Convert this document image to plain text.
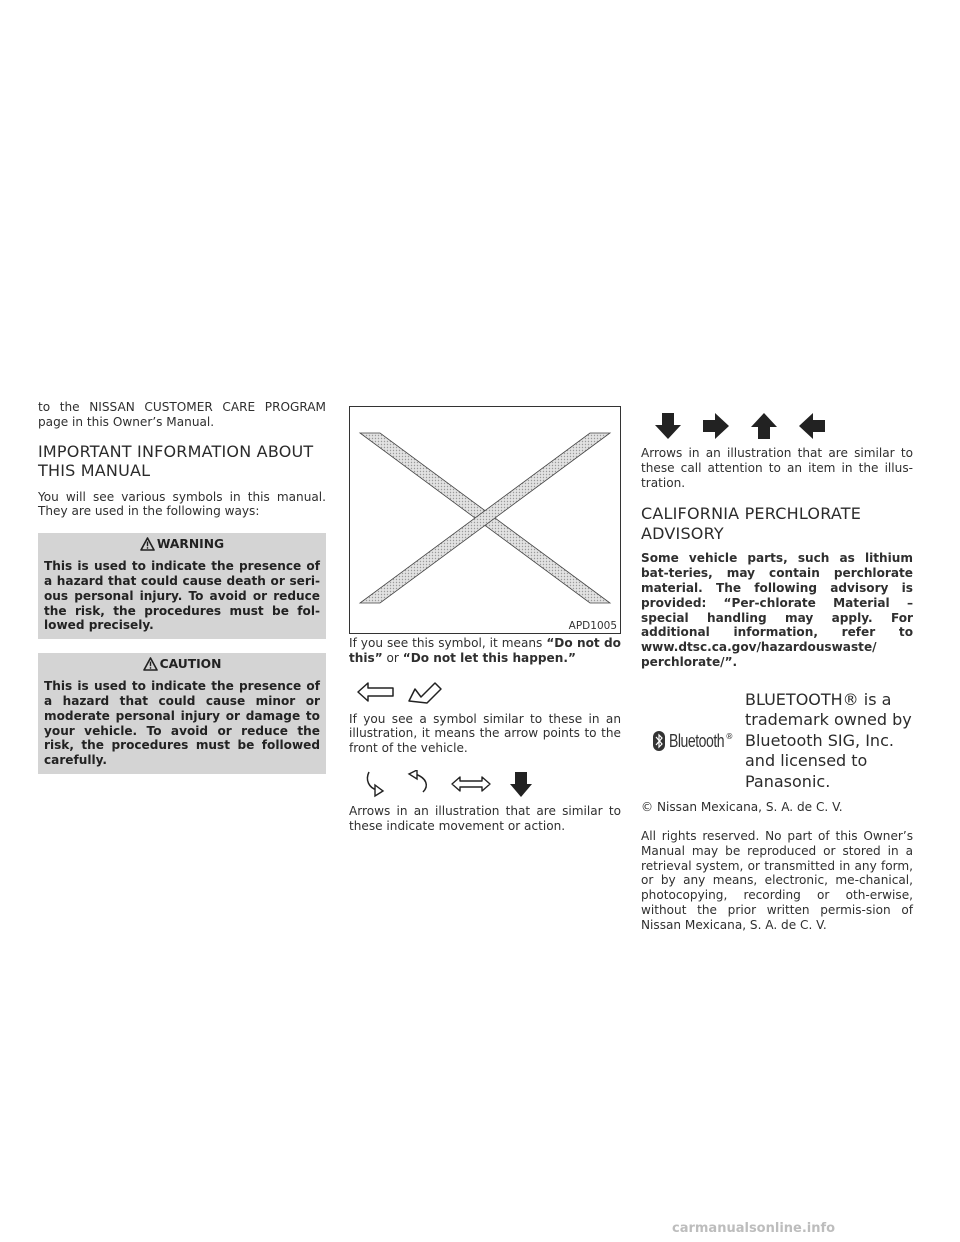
to the NISSAN CUSTOMER CARE PROGRAM page in this Owner’s Manual.

IMPORTANT INFORMATION ABOUT THIS MANUAL

You will see various symbols in this manual. They are used in the following ways:

WARNING
This is used to indicate the presence of a hazard that could cause death or seri-ous personal injury. To avoid or reduce the risk, the procedures must be fol-lowed precisely.
CAUTION
This is used to indicate the presence of a hazard that could cause minor or moderate personal injury or damage to your vehicle. To avoid or reduce the risk, the procedures must be followed carefully.
APD1005

If you see this symbol, it means “Do not do this” or “Do not let this happen.”

If you see a symbol similar to these in an illustration, it means the arrow points to the front of the vehicle.

Arrows in an illustration that are similar to these indicate movement or action.

Arrows in an illustration that are similar to these call attention to an item in the illus-tration.

CALIFORNIA PERCHLORATE ADVISORY

Some vehicle parts, such as lithium bat-teries, may contain perchlorate material. The following advisory is provided: “Per-chlorate Material – special handling may apply. For additional information, refer to www.dtsc.ca.gov/hazardouswaste/ perchlorate/”.

Bluetooth ®
BLUETOOTH® is a trademark owned by Bluetooth SIG, Inc. and licensed to Panasonic.

© Nissan Mexicana, S. A. de C. V.

All rights reserved. No part of this Owner’s Manual may be reproduced or stored in a retrieval system, or transmitted in any form, or by any means, electronic, me-chanical, photocopying, recording or oth-erwise, without the prior written permis-sion of Nissan Mexicana, S. A. de C. V.

carmanualsonline.info
